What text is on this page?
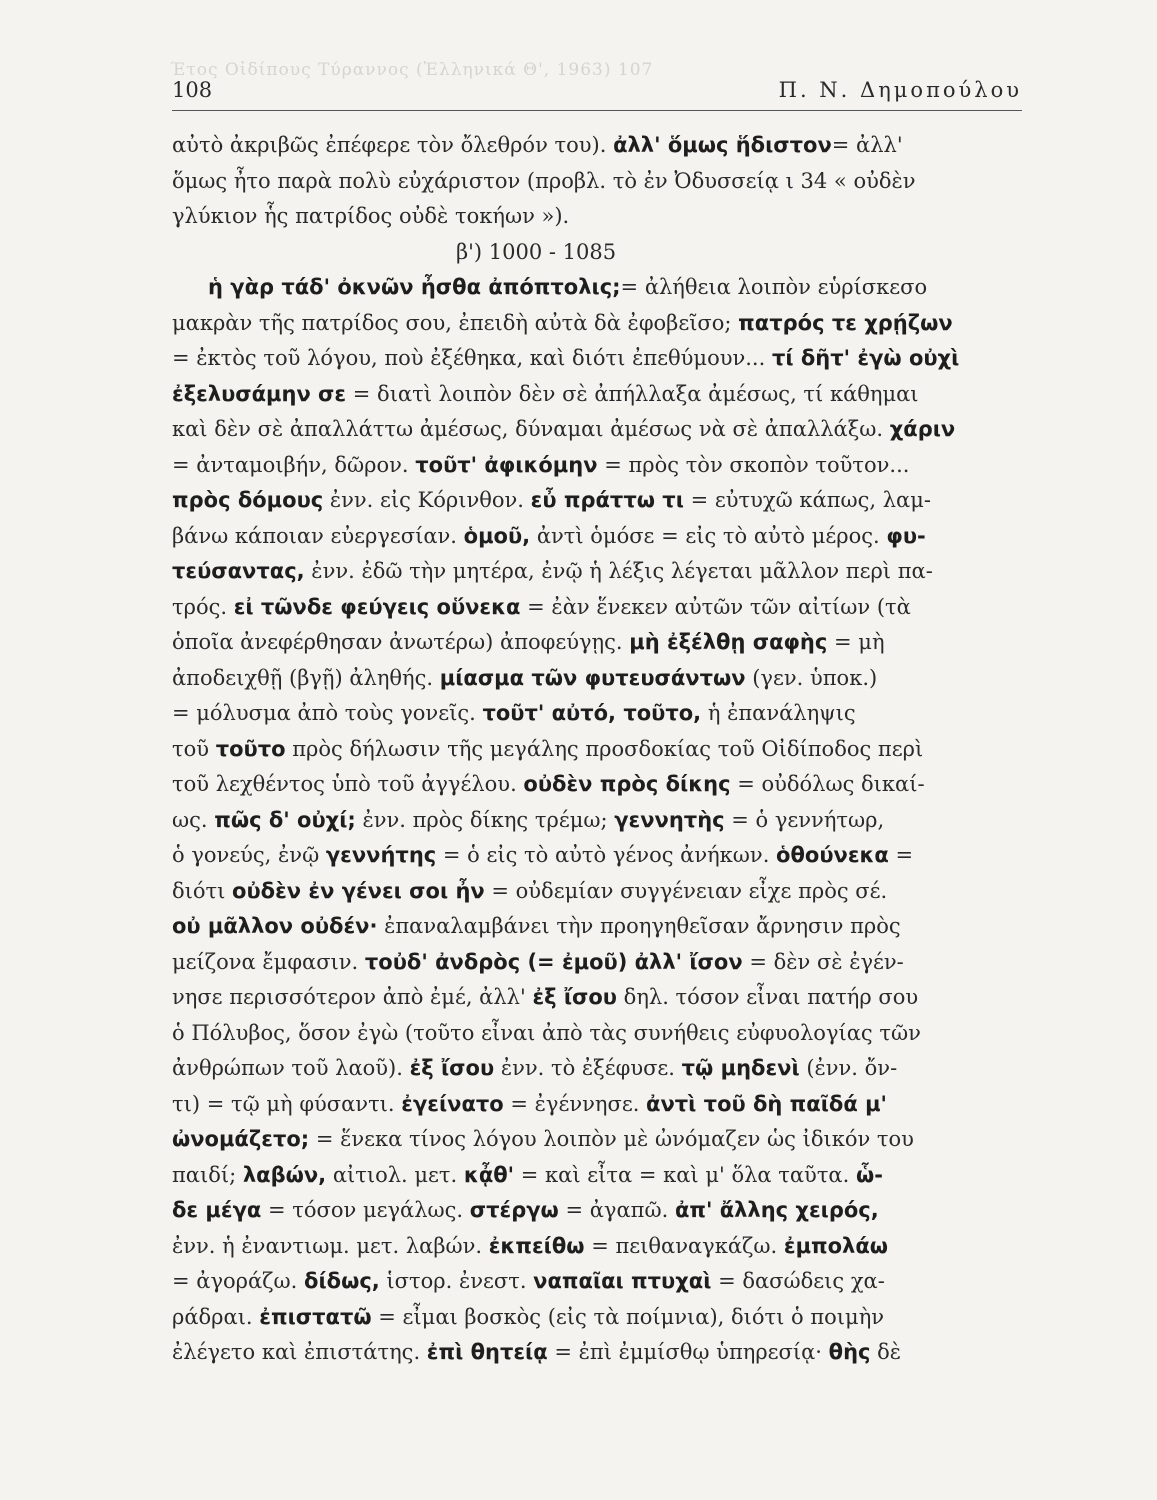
Έτος Οἰδίπους Τύραννος (Ἑλληνικά Θ', 1963) 107
108	Π. Ν. Δημοπούλου
αὐτὸ ἀκριβῶς ἐπέφερε τὸν ὄλεθρόν του). ἀλλ' ὅμως ἥδιστον= ἀλλ'
ὅμως ἦτο παρὰ πολὺ εὐχάριστον (προβλ. τὸ ἐν Ὀδυσσείᾳ ι 34 « οὐδὲν
γλύκιον ἧς πατρίδος οὐδὲ τοκήων »).
β') 1000 - 1085
ἡ γὰρ τάδ' ὀκνῶν ἦσθα ἀπόπτολις;= ἀλήθεια λοιπὸν εὑρίσκεσο
μακρὰν τῆς πατρίδος σου, ἐπειδὴ αὐτὰ δὰ ἐφοβεῖσο; πατρός τε χρῄζων
= ἐκτὸς τοῦ λόγου, ποὺ ἐξέθηκα, καὶ διότι ἐπεθύμουν... τί δῆτ' ἐγὼ οὐχὶ
ἐξελυσάμην σε = διατὶ λοιπὸν δὲν σὲ ἀπήλλαξα ἀμέσως, τί κάθημαι
καὶ δὲν σὲ ἀπαλλάττω ἀμέσως, δύναμαι ἀμέσως νὰ σὲ ἀπαλλάξω. χάριν
= ἀνταμοιβήν, δῶρον. τοῦτ' ἀφικόμην = πρὸς τὸν σκοπὸν τοῦτον...
πρὸς δόμους ἐνν. εἰς Κόρινθον. εὖ πράττω τι = εὐτυχῶ κάπως, λαμ-
βάνω κάποιαν εὐεργεσίαν. ὁμοῦ, ἀντὶ ὁμόσε = εἰς τὸ αὐτὸ μέρος. φυ-
τεύσαντας, ἐνν. ἐδῶ τὴν μητέρα, ἐνῷ ἡ λέξις λέγεται μᾶλλον περὶ πα-
τρός. εἰ τῶνδε φεύγεις οὕνεκα = ἐὰν ἕνεκεν αὐτῶν τῶν αἰτίων (τὰ
ὁποῖα ἀνεφέρθησαν ἀνωτέρω) ἀποφεύγῃς. μὴ ἐξέλθῃ σαφὴς = μὴ
ἀποδειχθῇ (βγῇ) ἀληθής. μίασμα τῶν φυτευσάντων (γεν. ὑποκ.)
= μόλυσμα ἀπὸ τοὺς γονεῖς. τοῦτ' αὐτό, τοῦτο, ἡ ἐπανάληψις
τοῦ τοῦτο πρὸς δήλωσιν τῆς μεγάλης προσδοκίας τοῦ Οἰδίποδος περὶ
τοῦ λεχθέντος ὑπὸ τοῦ ἀγγέλου. οὐδὲν πρὸς δίκης = οὐδόλως δικαί-
ως. πῶς δ' οὐχί; ἐνν. πρὸς δίκης τρέμω; γεννητὴς = ὁ γεννήτωρ,
ὁ γονεύς, ἐνῷ γεννήτης = ὁ εἰς τὸ αὐτὸ γένος ἀνήκων. ὁθούνεκα =
διότι οὐδὲν ἐν γένει σοι ἦν = οὐδεμίαν συγγένειαν εἶχε πρὸς σέ.
οὐ μᾶλλον οὐδέν· ἐπαναλαμβάνει τὴν προηγηθεῖσαν ἄρνησιν πρὸς
μείζονα ἔμφασιν. τοὐδ' ἀνδρὸς (= ἐμοῦ) ἀλλ' ἴσον = δὲν σὲ ἐγέν-
νησε περισσότερον ἀπὸ ἐμέ, ἀλλ' ἐξ ἴσου δηλ. τόσον εἶναι πατήρ σου
ὁ Πόλυβος, ὅσον ἐγὼ (τοῦτο εἶναι ἀπὸ τὰς συνήθεις εὐφυολογίας τῶν
ἀνθρώπων τοῦ λαοῦ). ἐξ ἴσου ἐνν. τὸ ἐξέφυσε. τῷ μηδενὶ (ἐνν. ὄν-
τι) = τῷ μὴ φύσαντι. ἐγείνατο = ἐγέννησε. ἀντὶ τοῦ δὴ παῖδά μ'
ὠνομάζετο; = ἕνεκα τίνος λόγου λοιπὸν μὲ ὠνόμαζεν ὡς ἰδικόν του
παιδί; λαβών, αἰτιολ. μετ. κᾆθ' = καὶ εἶτα = καὶ μ' ὅλα ταῦτα. ὧ-
δε μέγα = τόσον μεγάλως. στέργω = ἀγαπῶ. ἀπ' ἄλλης χειρός,
ἐνν. ἡ ἐναντιωμ. μετ. λαβών. ἐκπείθω = πειθαναγκάζω. ἐμπολάω
= ἀγοράζω. δίδως, ἱστορ. ἐνεστ. ναπαῖαι πτυχαὶ = δασώδεις χα-
ράδραι. ἐπιστατῶ = εἶμαι βοσκὸς (εἰς τὰ ποίμνια), διότι ὁ ποιμὴν
ἐλέγετο καὶ ἐπιστάτης. ἐπὶ θητείᾳ = ἐπὶ ἐμμίσθῳ ὑπηρεσίᾳ· θὴς δὲ
